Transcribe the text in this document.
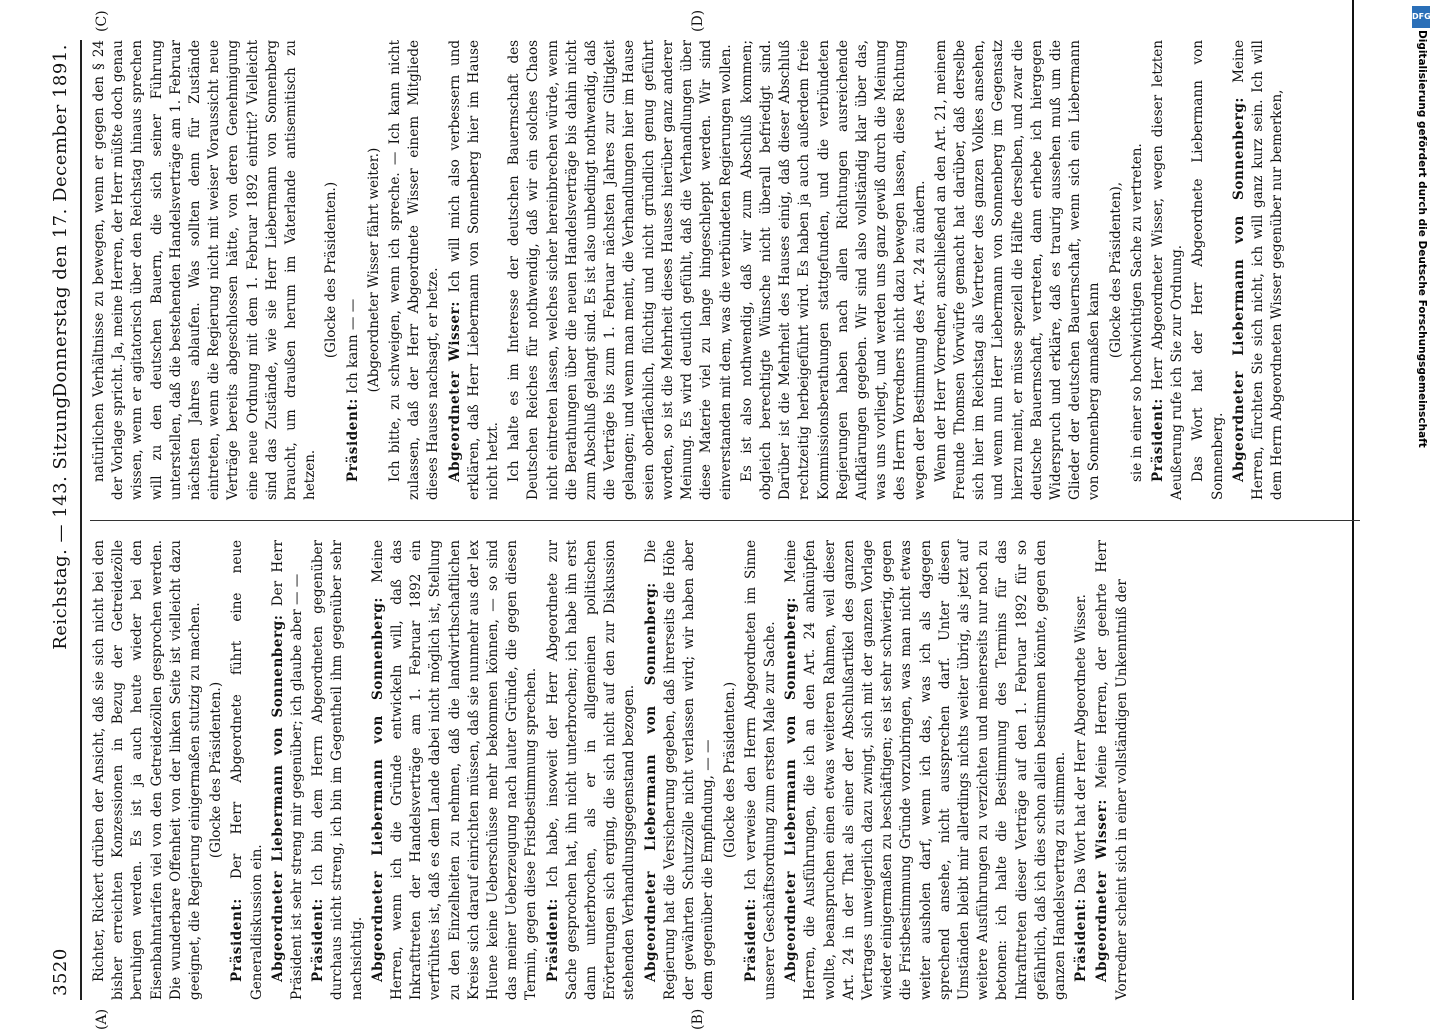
3520
Reichstag. — 143. Sitzung.
Donnerstag den 17. December 1891.
(A)	(B)
(C)	(D)

Richter, Rickert drüben der Ansicht, daß sie sich nicht bei den bisher erreichten Konzessionen in Bezug der Getreidezölle beruhigen werden. Es ist ja auch heute wieder bei den Eisenbahntarifen viel von den Getreidezöllen gesprochen werden. Die wunderbare Offenheit von der linken Seite ist vielleicht dazu geeignet, die Regierung einigermaßen stutzig zu machen. (Glocke des Präsidenten.)

Präsident: Der Herr Abgeordnete führt eine neue Generaldiskussion ein. Abgeordneter Liebermann von Sonnenberg: Der Herr Präsident ist sehr streng mir gegenüber; ich glaube aber — — Präsident: Ich bin dem Herrn Abgeordneten gegenüber durchaus nicht streng, ich bin im Gegentheil ihm gegenüber sehr nachsichtig. Abgeordneter Liebermann von Sonnenberg: Meine Herren, wenn ich die Gründe entwickeln will, daß das Inkrafttreten der Handelsverträge am 1. Februar 1892 ein verfrühtes ist, daß es dem Lande dabei nicht möglich ist, Stellung zu den Einzelheiten zu nehmen, daß die landwirthschaftlichen Kreise sich darauf einrichten müssen, daß sie nunmehr aus der lex Huene keine Ueberschüsse mehr bekommen können, — so sind das meiner Ueberzeugung nach lauter Gründe, die gegen diesen Termin, gegen diese Fristbestimmung sprechen. Präsident: Ich habe, insoweit der Herr Abgeordnete zur Sache gesprochen hat, ihn nicht unterbrochen; ich habe ihn erst dann unterbrochen, als er in allgemeinen politischen Erörterungen sich erging, die sich nicht auf den zur Diskussion stehenden Verhandlungsgegenstand bezogen. Abgeordneter Liebermann von Sonnenberg: Die Regierung hat die Versicherung gegeben, daß ihrerseits die Höhe der gewährten Schutzzölle nicht verlassen wird; wir haben aber dem gegenüber die Empfindung, — — (Glocke des Präsidenten.)

Präsident: Ich verweise den Herrn Abgeordneten im Sinne unserer Geschäftsordnung zum ersten Male zur Sache. Abgeordneter Liebermann von Sonnenberg: Meine Herren, die Ausführungen, die ich an den Art. 24 anknüpfen wollte, beanspruchen einen etwas weiteren Rahmen, weil dieser Art. 24 in der That als einer der Abschlußartikel des ganzen Vertrages unweigerlich dazu zwingt, sich mit der ganzen Vorlage wieder einigermaßen zu beschäftigen; es ist sehr schwierig, gegen die Fristbestimmung Gründe vorzubringen, was man nicht etwas weiter ausholen darf, wenn ich das, was ich als dagegen sprechend ansehe, nicht aussprechen darf. Unter diesen Umständen bleibt mir allerdings nichts weiter übrig, als jetzt auf weitere Ausführungen zu verzichten und meinerseits nur noch zu betonen: ich halte die Bestimmung des Termins für das Inkrafttreten dieser Verträge auf den 1. Februar 1892 für so gefährlich, daß ich dies schon allein bestimmen könnte, gegen den ganzen Handelsvertrag zu stimmen. Präsident: Das Wort hat der Herr Abgeordnete Wisser. Abgeordneter Wisser: Meine Herren, der geehrte Herr Vorredner scheint sich in einer vollständigen Unkenntniß der

natürlichen Verhältnisse zu bewegen, wenn er gegen den § 24 der Vorlage spricht. Ja, meine Herren, der Herr müßte doch genau wissen, wenn er agitatorisch über den Reichstag hinaus sprechen will zu den deutschen Bauern, die sich seiner Führung unterstellen, daß die bestehenden Handelsverträge am 1. Februar nächsten Jahres ablaufen. Was sollten denn für Zustände eintreten, wenn die Regierung nicht mit weiser Voraussicht neue Verträge bereits abgeschlossen hätte, von deren Genehmigung eine neue Ordnung mit dem 1. Februar 1892 eintritt? Vielleicht sind das Zustände, wie sie Herr Liebermann von Sonnenberg braucht, um draußen herum im Vaterlande antisemitisch zu hetzen.

(Glocke des Präsidenten.)

Präsident: Ich kann — — (Abgeordneter Wisser fährt weiter.) Ich bitte, zu schweigen, wenn ich spreche. — Ich kann nicht zulassen, daß der Herr Abgeordnete Wisser einem Mitgliede dieses Hauses nachsagt, er hetze. Abgeordneter Wisser: Ich will mich also verbessern und erklären, daß Herr Liebermann von Sonnenberg hier im Hause nicht hetzt. Ich halte es im Interesse der deutschen Bauernschaft des Deutschen Reiches für nothwendig, daß wir ein solches Chaos nicht eintreten lassen, welches sicher hereinbrechen würde, wenn die Berathungen über die neuen Handelsverträge bis dahin nicht zum Abschluß gelangt sind. Es ist also unbedingt nothwendig, daß die Verträge bis zum 1. Februar nächsten Jahres zur Giltigkeit gelangen; und wenn man meint, die Verhandlungen hier im Hause seien oberflächlich, flüchtig und nicht gründlich genug geführt worden, so ist die Mehrheit dieses Hauses hierüber ganz anderer Meinung. Es wird deutlich gefühlt, daß die Verhandlungen über diese Materie viel zu lange hingeschleppt werden. Wir sind einverstanden mit dem, was die verbündeten Regierungen wollen. Es ist also nothwendig, daß wir zum Abschluß kommen; obgleich berechtigte Wünsche nicht überall befriedigt sind. Darüber ist die Mehrheit des Hauses einig, daß dieser Abschluß rechtzeitig herbeigeführt wird. Es haben ja auch außerdem freie Kommissionsberathungen stattgefunden, und die verbündeten Regierungen haben nach allen Richtungen ausreichende Aufklärungen gegeben. Wir sind also vollständig klar über das, was uns vorliegt, und werden uns ganz gewiß durch die Meinung des Herrn Vorredners nicht dazu bewegen lassen, diese Richtung wegen der Bestimmung des Art. 24 zu ändern. Wenn der Herr Vorredner, anschließend an den Art. 21, meinem Freunde Thomsen Vorwürfe gemacht hat darüber, daß derselbe sich hier im Reichstag als Vertreter des ganzen Volkes ansehen, und wenn nun Herr Liebermann von Sonnenberg im Gegensatz hierzu meint, er müsse speziell die Hälfte derselben, und zwar die deutsche Bauernschaft, vertreten, dann erhebe ich hiergegen Widerspruch und erkläre, daß es traurig aussehen muß um die Glieder der deutschen Bauernschaft, wenn sich ein Liebermann von Sonnenberg anmaßen kann

(Glocke des Präsidenten), sie in einer so hochwichtigen Sache zu vertreten. Präsident: Herr Abgeordneter Wisser, wegen dieser letzten Aeußerung rufe ich Sie zur Ordnung. Das Wort hat der Herr Abgeordnete Liebermann von Sonnenberg. Abgeordneter Liebermann von Sonnenberg: Meine Herren, fürchten Sie sich nicht, ich will ganz kurz sein. Ich will dem Herrn Abgeordneten Wisser gegenüber nur bemerken,

DFG
Digitalisierung gefördert durch die Deutsche Forschungsgemeinschaft
